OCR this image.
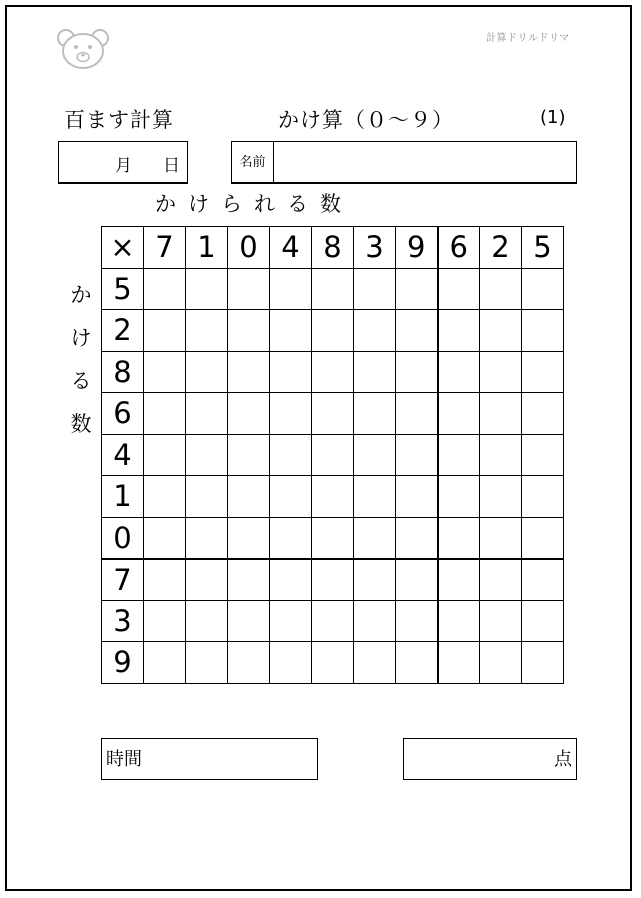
計算ドリルドリマ
百ます計算	かけ算（０～９）	(1)
月 日	名前
かけられる数
か
け
る
数
×	7	1	0	4	8	3	9	6	2	5
5										
2										
8										
6										
4										
1										
0										
7										
3										
9										
時間	点
